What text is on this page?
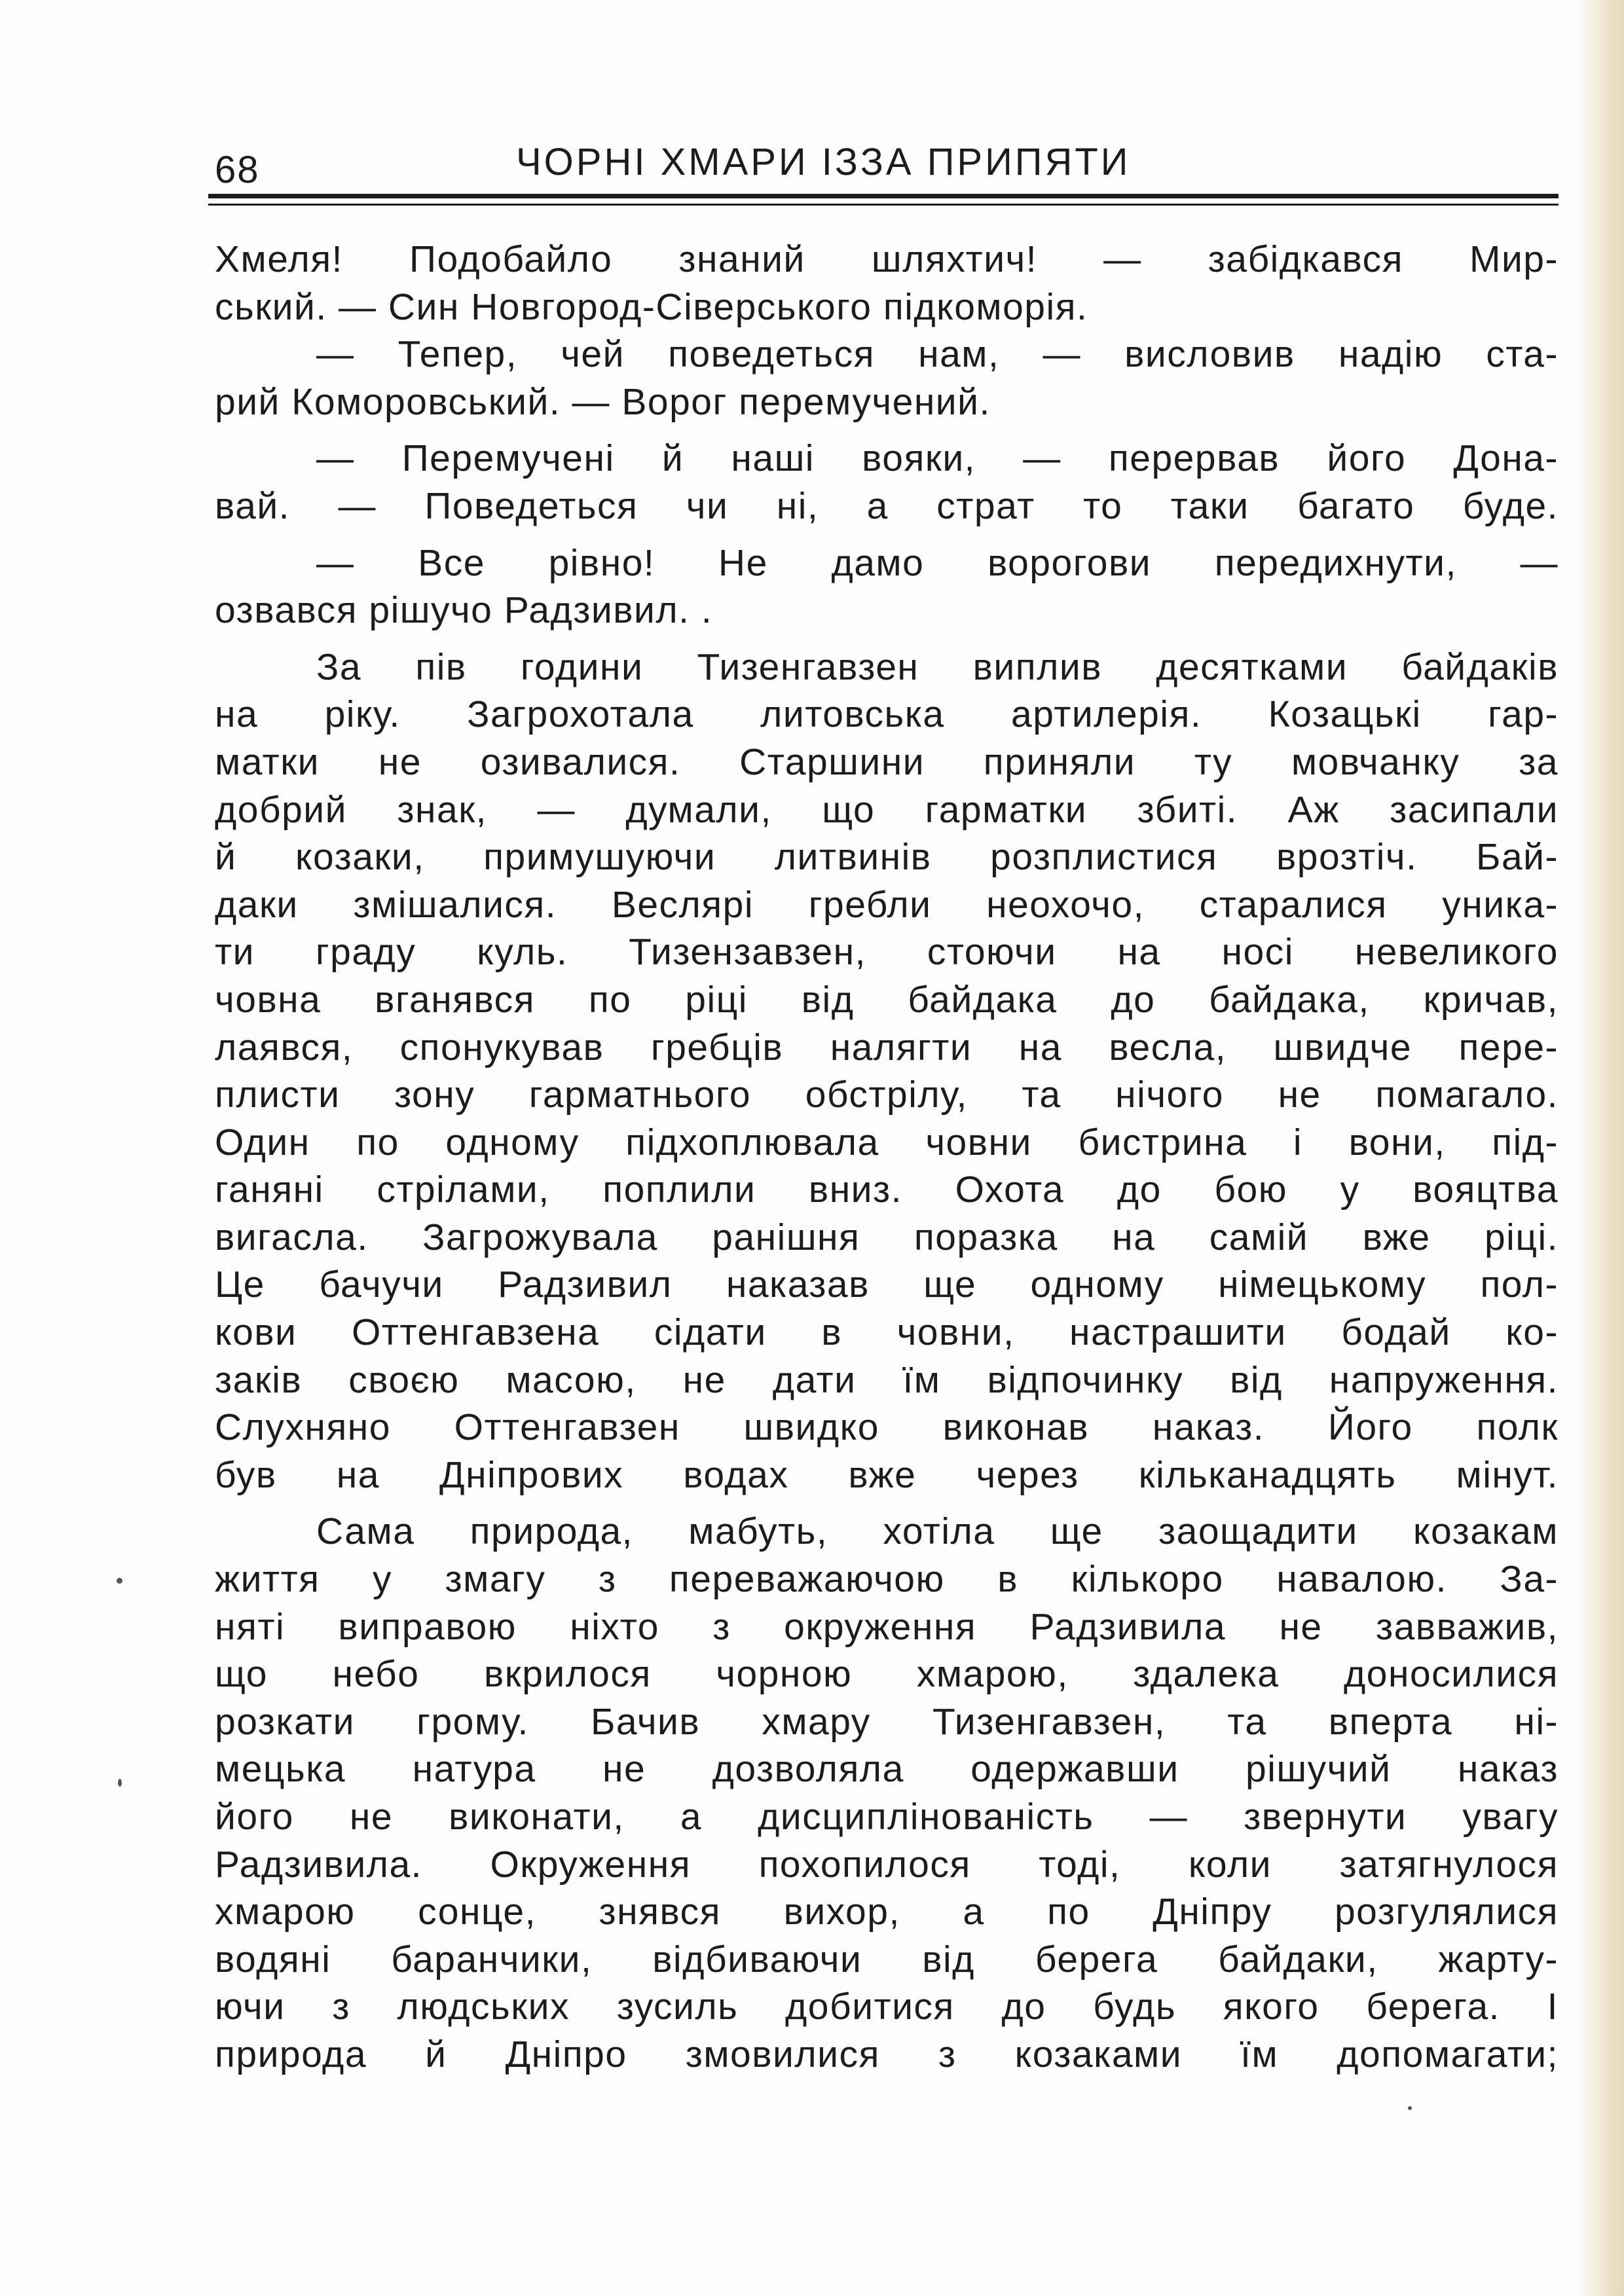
68	ЧОРНІ ХМАРИ ІЗЗА ПРИПЯТИ
Хмеля! Подобайло знаний шляхтич! — забідкався Мир-
ський. — Син Новгород-Сіверського підкоморія.
— Тепер, чей поведеться нам, — висловив надію ста-
рий Коморовський. — Ворог перемучений.
— Перемучені й наші вояки, — перервав його Дона-
вай. — Поведеться чи ні, а страт то таки багато буде.
— Все рівно! Не дамо ворогови передихнути, —
озвався рішучо Радзивил. .
За пів години Тизенгавзен виплив десятками байдаків
на ріку. Загрохотала литовська артилерія. Козацькі гар-
матки не озивалися. Старшини приняли ту мовчанку за
добрий знак, — думали, що гарматки збиті. Аж засипали
й козаки, примушуючи литвинів розплистися врозтіч. Бай-
даки змішалися. Веслярі гребли неохочо, старалися уника-
ти граду куль. Тизензавзен, стоючи на носі невеликого
човна вганявся по ріці від байдака до байдака, кричав,
лаявся, спонукував гребців налягти на весла, швидче пере-
плисти зону гарматнього обстрілу, та нічого не помагало.
Один по одному підхоплювала човни бистрина і вони, під-
ганяні стрілами, поплили вниз. Охота до бою у вояцтва
вигасла. Загрожувала ранішня поразка на самій вже ріці.
Це бачучи Радзивил наказав ще одному німецькому пол-
кови Оттенгавзена сідати в човни, настрашити бодай ко-
заків своєю масою, не дати їм відпочинку від напруження.
Слухняно Оттенгавзен швидко виконав наказ. Його полк
був на Дніпрових водах вже через кільканадцять мінут.
Сама природа, мабуть, хотіла ще заощадити козакам
життя у змагу з переважаючою в кількоро навалою. За-
няті виправою ніхто з окруження Радзивила не завважив,
що небо вкрилося чорною хмарою, здалека доносилися
розкати грому. Бачив хмару Тизенгавзен, та вперта ні-
мецька натура не дозволяла одержавши рішучий наказ
його не виконати, а дисциплінованість — звернути увагу
Радзивила. Окруження похопилося тоді, коли затягнулося
хмарою сонце, знявся вихор, а по Дніпру розгулялися
водяні баранчики, відбиваючи від берега байдаки, жарту-
ючи з людських зусиль добитися до будь якого берега. І
природа й Дніпро змовилися з козаками їм допомагати;
